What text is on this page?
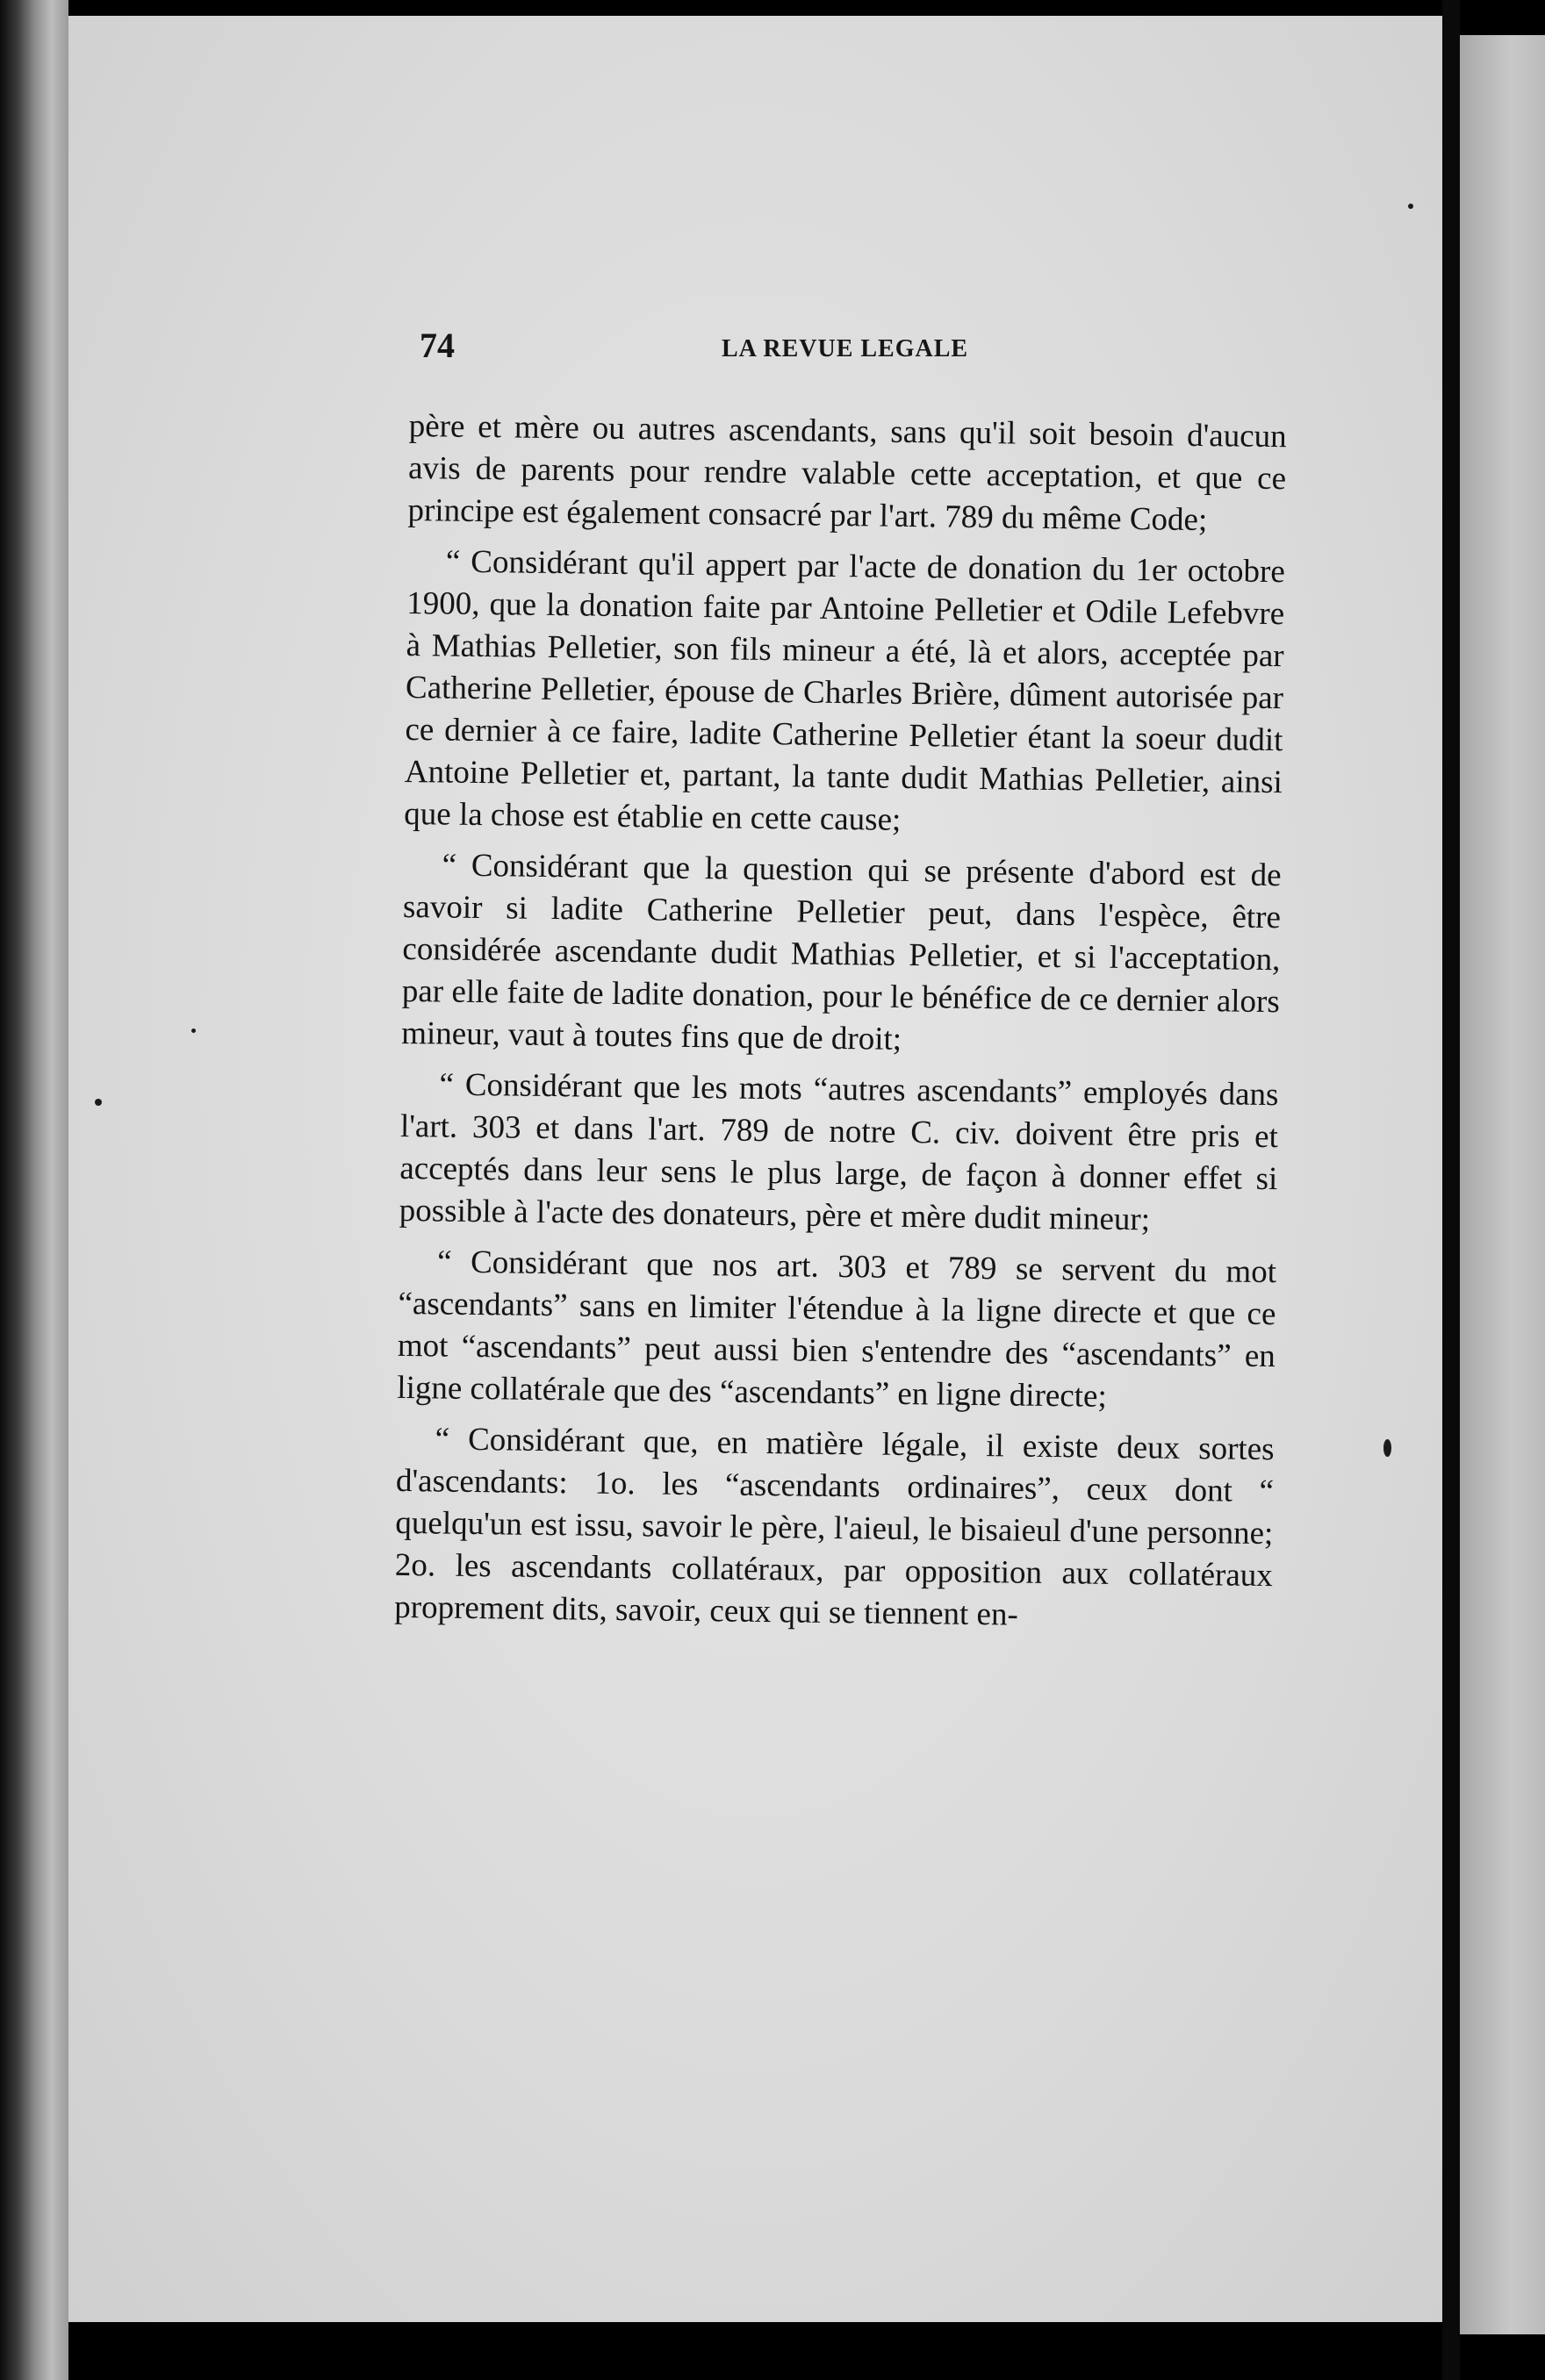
74	LA REVUE LEGALE

père et mère ou autres ascendants, sans qu'il soit besoin d'aucun avis de parents pour rendre valable cette acceptation, et que ce principe est également consacré par l'art. 789 du même Code;

“ Considérant qu'il appert par l'acte de donation du 1er octobre 1900, que la donation faite par Antoine Pelletier et Odile Lefebvre à Mathias Pelletier, son fils mineur a été, là et alors, acceptée par Catherine Pelletier, épouse de Charles Brière, dûment autorisée par ce dernier à ce faire, ladite Catherine Pelletier étant la soeur dudit Antoine Pelletier et, partant, la tante dudit Mathias Pelletier, ainsi que la chose est établie en cette cause;

“ Considérant que la question qui se présente d'abord est de savoir si ladite Catherine Pelletier peut, dans l'espèce, être considérée ascendante dudit Mathias Pelletier, et si l'acceptation, par elle faite de ladite donation, pour le bénéfice de ce dernier alors mineur, vaut à toutes fins que de droit;

“ Considérant que les mots “autres ascendants” employés dans l'art. 303 et dans l'art. 789 de notre C. civ. doivent être pris et acceptés dans leur sens le plus large, de façon à donner effet si possible à l'acte des donateurs, père et mère dudit mineur;

“ Considérant que nos art. 303 et 789 se servent du mot “ascendants” sans en limiter l'étendue à la ligne directe et que ce mot “ascendants” peut aussi bien s'entendre des “ascendants” en ligne collatérale que des “ascendants” en ligne directe;

“ Considérant que, en matière légale, il existe deux sortes d'ascendants: 1o. les “ascendants ordinaires”, ceux dont “ quelqu'un est issu, savoir le père, l'aieul, le bisaieul d'une personne; 2o. les ascendants collatéraux, par opposition aux collatéraux proprement dits, savoir, ceux qui se tiennent en-
